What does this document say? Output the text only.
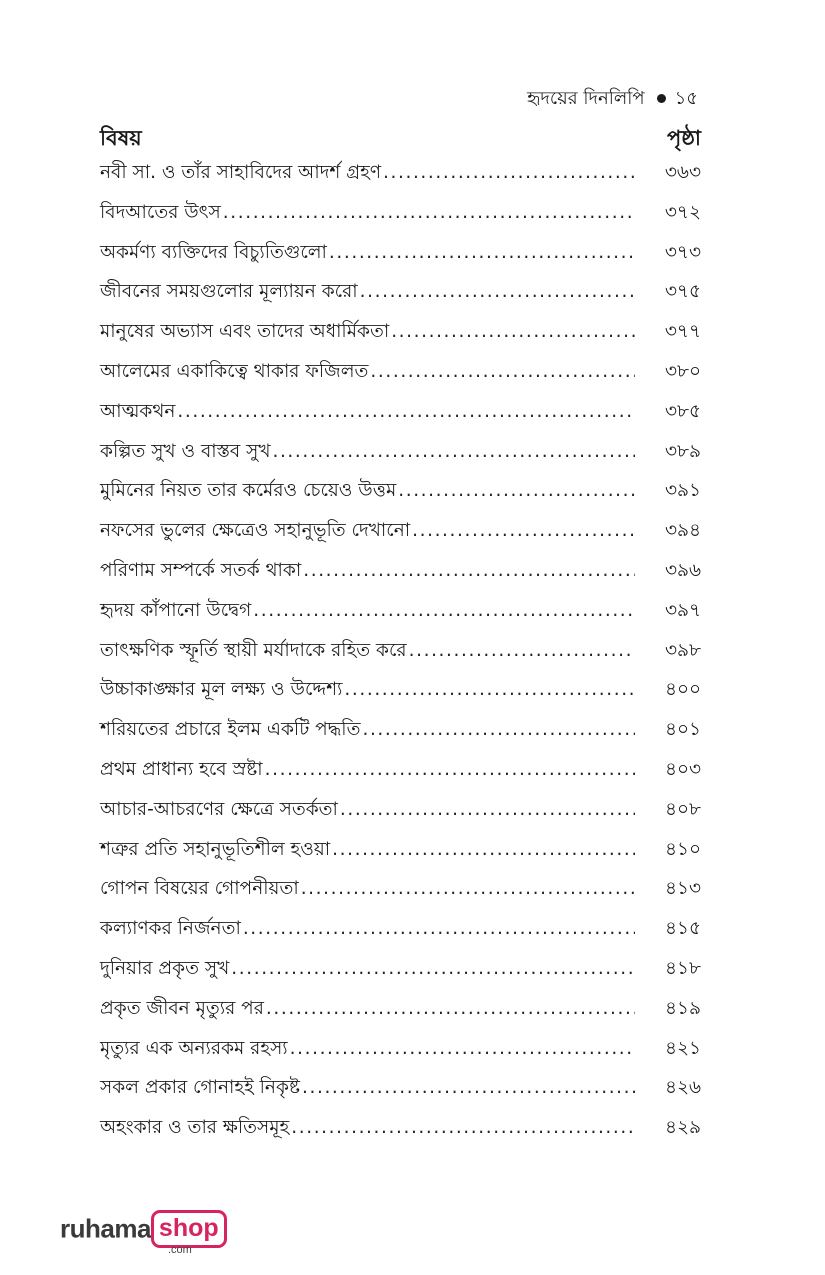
হৃদয়ের দিনলিপি ১৫
বিষয়	পৃষ্ঠা
নবী সা. ও তাঁর সাহাবিদের আদর্শ গ্রহণ .....	৩৬৩
বিদআতের উৎস .....	৩৭২
অকর্মণ্য ব্যক্তিদের বিচ্যুতিগুলো .....	৩৭৩
জীবনের সময়গুলোর মূল্যায়ন করো .....	৩৭৫
মানুষের অভ্যাস এবং তাদের অধার্মিকতা .....	৩৭৭
আলেমের একাকিত্বে থাকার ফজিলত .....	৩৮০
আত্মকথন .....	৩৮৫
কল্পিত সুখ ও বাস্তব সুখ .....	৩৮৯
মুমিনের নিয়ত তার কর্মেরও চেয়েও উত্তম .....	৩৯১
নফসের ভুলের ক্ষেত্রেও সহানুভূতি দেখানো .....	৩৯৪
পরিণাম সম্পর্কে সতর্ক থাকা .....	৩৯৬
হৃদয় কাঁপানো উদ্বেগ .....	৩৯৭
তাৎক্ষণিক স্ফূর্তি স্থায়ী মর্যাদাকে রহিত করে .....	৩৯৮
উচ্চাকাঙ্ক্ষার মূল লক্ষ্য ও উদ্দেশ্য .....	৪০০
শরিয়তের প্রচারে ইলম একটি পদ্ধতি .....	৪০১
প্রথম প্রাধান্য হবে স্রষ্টা .....	৪০৩
আচার-আচরণের ক্ষেত্রে সতর্কতা .....	৪০৮
শত্রুর প্রতি সহানুভূতিশীল হওয়া .....	৪১০
গোপন বিষয়ের গোপনীয়তা .....	৪১৩
কল্যাণকর নির্জনতা .....	৪১৫
দুনিয়ার প্রকৃত সুখ .....	৪১৮
প্রকৃত জীবন মৃত্যুর পর .....	৪১৯
মৃত্যুর এক অন্যরকম রহস্য .....	৪২১
সকল প্রকার গোনাহই নিকৃষ্ট .....	৪২৬
অহংকার ও তার ক্ষতিসমূহ .....	৪২৯
ruhama shop
.com
